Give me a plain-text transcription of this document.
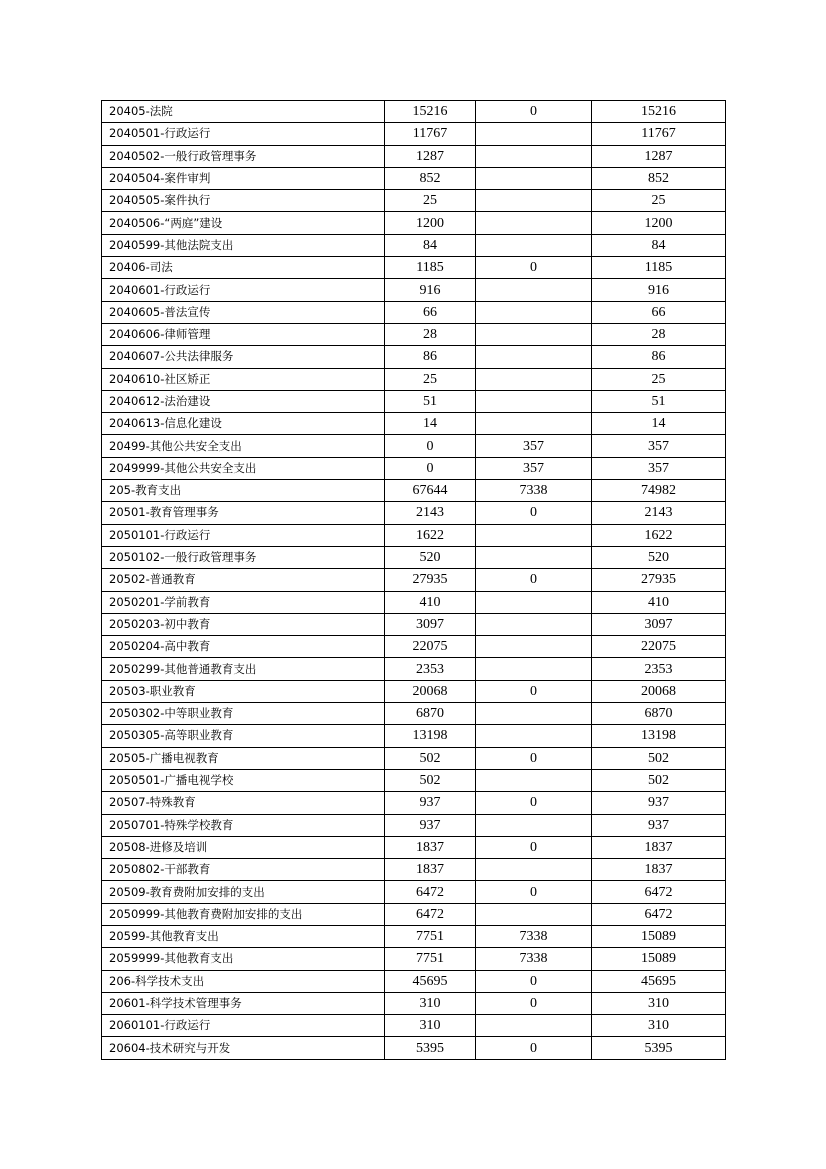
20405-法院	15216	0	15216
2040501-行政运行	11767		11767
2040502-一般行政管理事务	1287		1287
2040504-案件审判	852		852
2040505-案件执行	25		25
2040506-“两庭”建设	1200		1200
2040599-其他法院支出	84		84
20406-司法	1185	0	1185
2040601-行政运行	916		916
2040605-普法宣传	66		66
2040606-律师管理	28		28
2040607-公共法律服务	86		86
2040610-社区矫正	25		25
2040612-法治建设	51		51
2040613-信息化建设	14		14
20499-其他公共安全支出	0	357	357
2049999-其他公共安全支出	0	357	357
205-教育支出	67644	7338	74982
20501-教育管理事务	2143	0	2143
2050101-行政运行	1622		1622
2050102-一般行政管理事务	520		520
20502-普通教育	27935	0	27935
2050201-学前教育	410		410
2050203-初中教育	3097		3097
2050204-高中教育	22075		22075
2050299-其他普通教育支出	2353		2353
20503-职业教育	20068	0	20068
2050302-中等职业教育	6870		6870
2050305-高等职业教育	13198		13198
20505-广播电视教育	502	0	502
2050501-广播电视学校	502		502
20507-特殊教育	937	0	937
2050701-特殊学校教育	937		937
20508-进修及培训	1837	0	1837
2050802-干部教育	1837		1837
20509-教育费附加安排的支出	6472	0	6472
2050999-其他教育费附加安排的支出	6472		6472
20599-其他教育支出	7751	7338	15089
2059999-其他教育支出	7751	7338	15089
206-科学技术支出	45695	0	45695
20601-科学技术管理事务	310	0	310
2060101-行政运行	310		310
20604-技术研究与开发	5395	0	5395
